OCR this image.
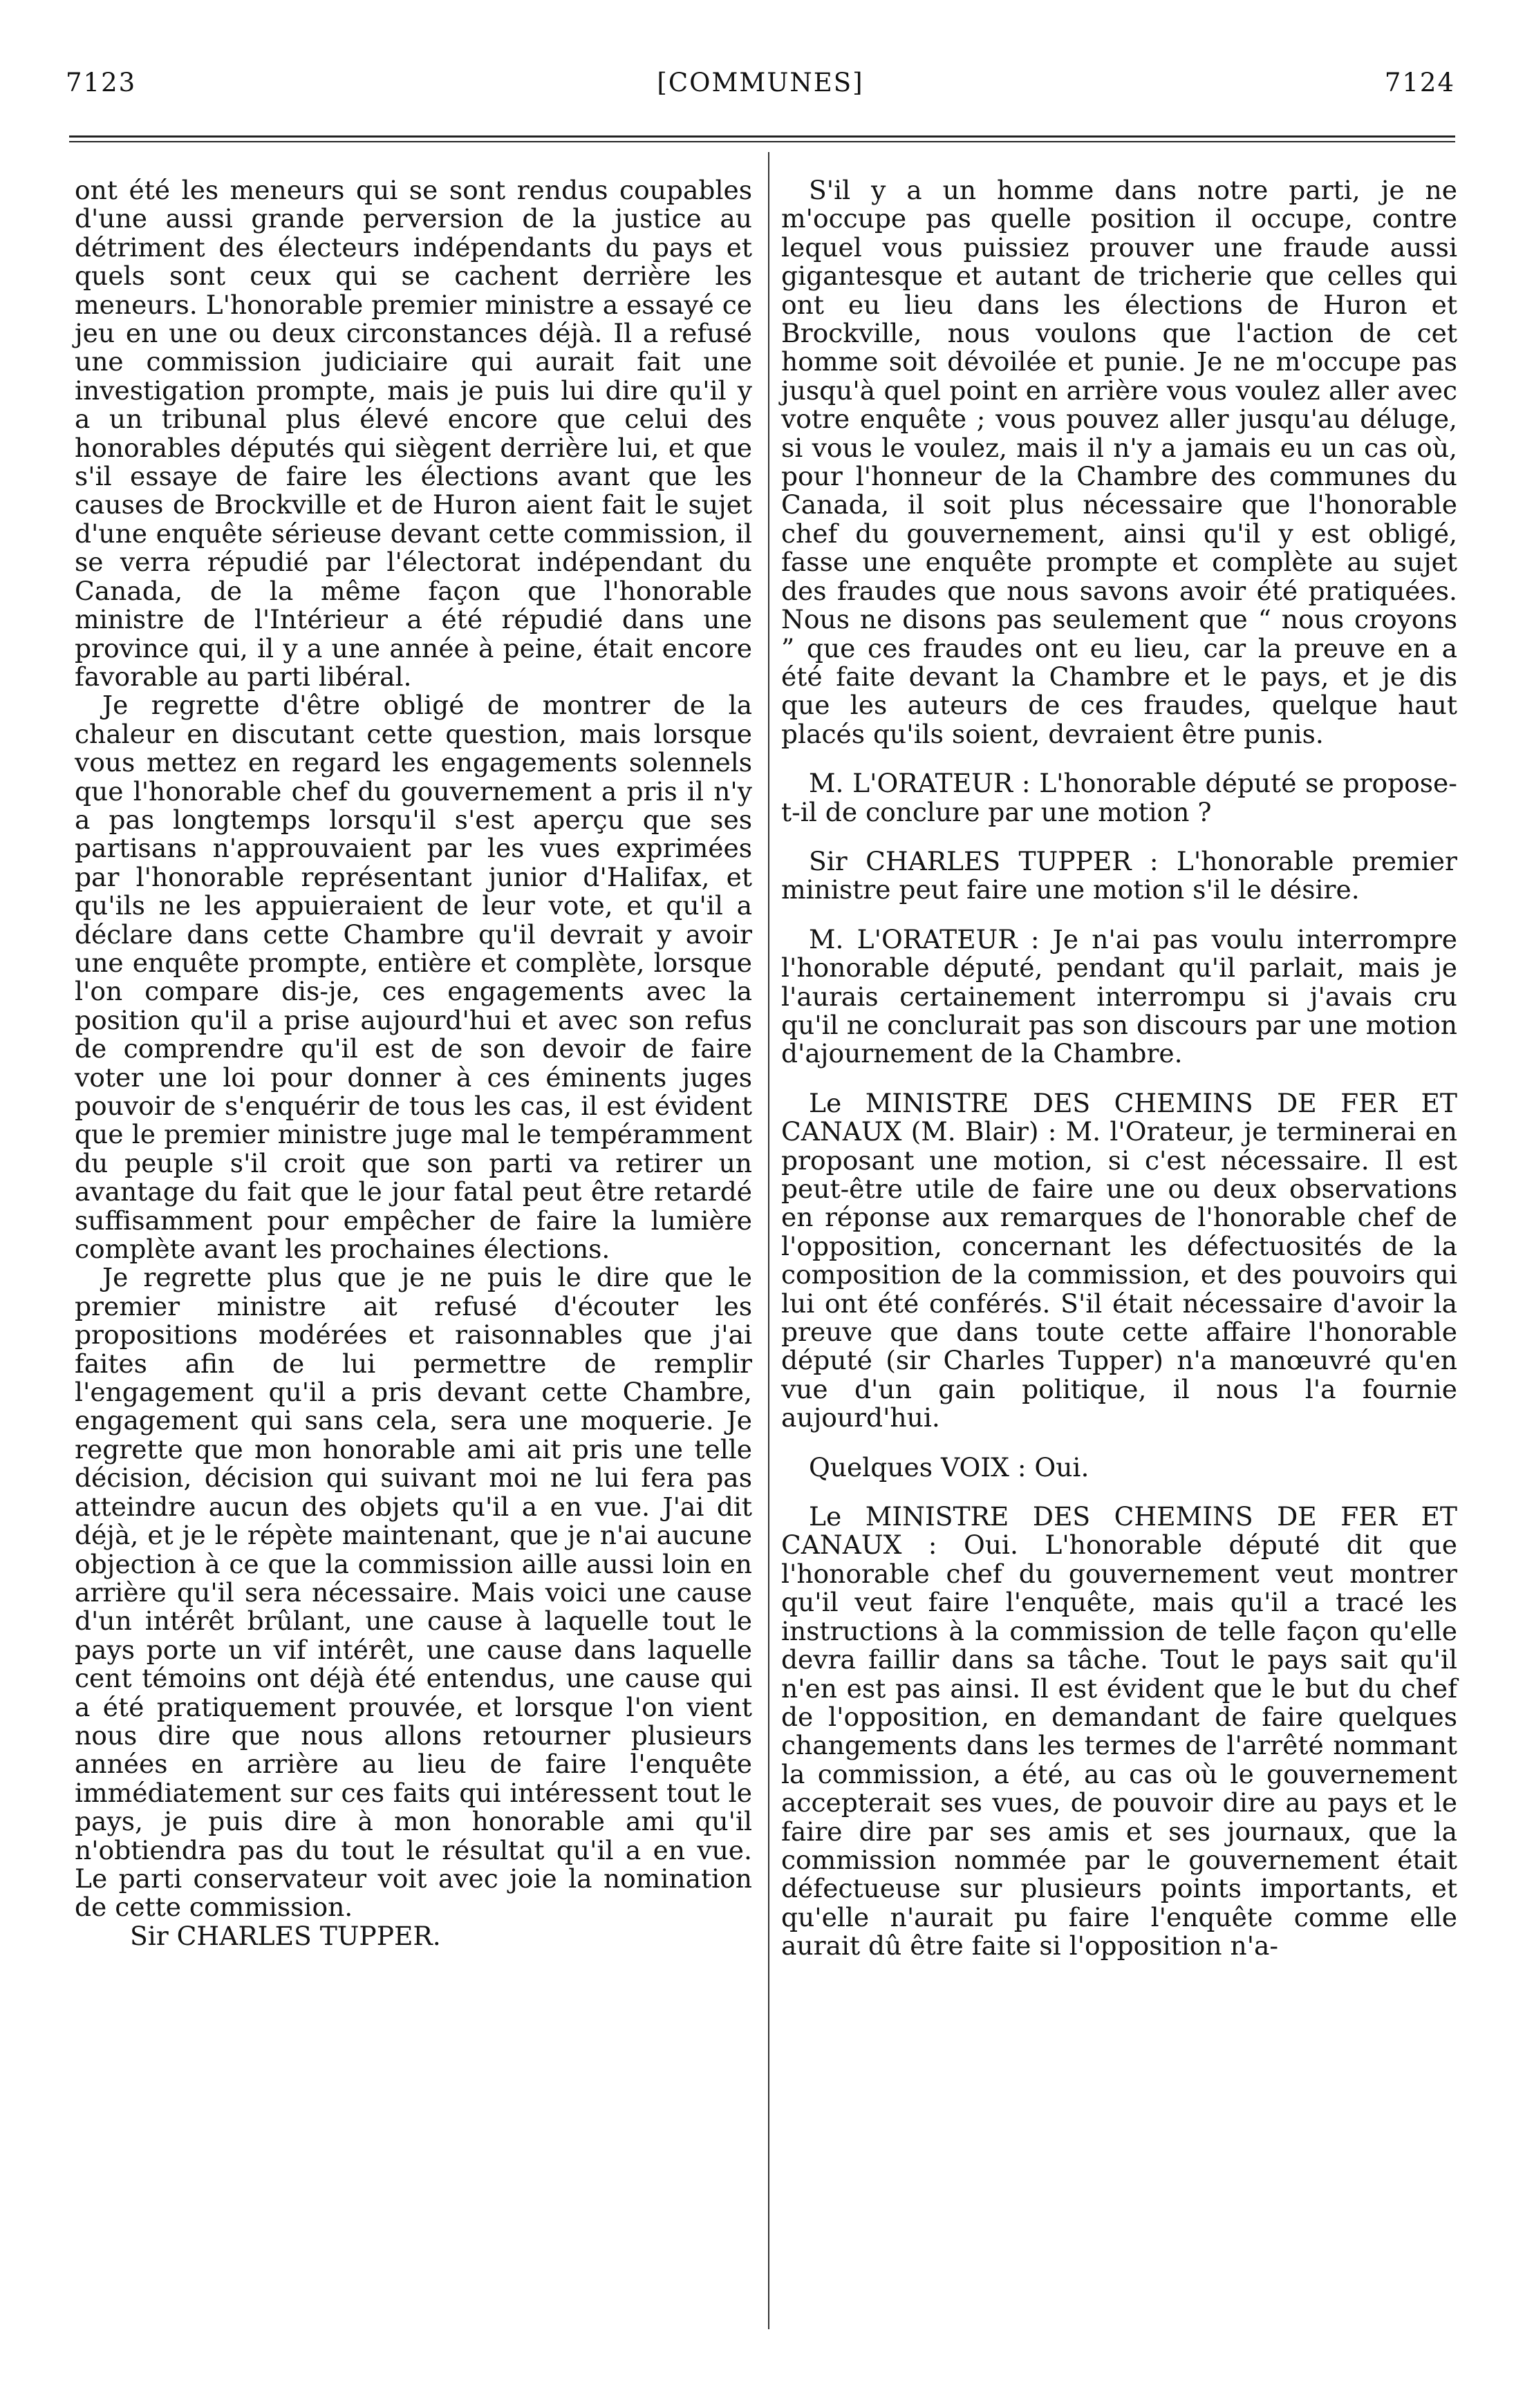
7123	[COMMUNES]	7124

ont été les meneurs qui se sont rendus coupables d'une aussi grande perversion de la justice au détriment des électeurs indépendants du pays et quels sont ceux qui se cachent derrière les meneurs. L'honorable premier ministre a essayé ce jeu en une ou deux circonstances déjà. Il a refusé une commission judiciaire qui aurait fait une investigation prompte, mais je puis lui dire qu'il y a un tribunal plus élevé encore que celui des honorables députés qui siègent derrière lui, et que s'il essaye de faire les élections avant que les causes de Brockville et de Huron aient fait le sujet d'une enquête sérieuse devant cette commission, il se verra répudié par l'électorat indépendant du Canada, de la même façon que l'honorable ministre de l'Intérieur a été répudié dans une province qui, il y a une année à peine, était encore favorable au parti libéral.

Je regrette d'être obligé de montrer de la chaleur en discutant cette question, mais lorsque vous mettez en regard les engagements solennels que l'honorable chef du gouvernement a pris il n'y a pas longtemps lorsqu'il s'est aperçu que ses partisans n'approuvaient par les vues exprimées par l'honorable représentant junior d'Halifax, et qu'ils ne les appuieraient de leur vote, et qu'il a déclare dans cette Chambre qu'il devrait y avoir une enquête prompte, entière et complète, lorsque l'on compare dis-je, ces engagements avec la position qu'il a prise aujourd'hui et avec son refus de comprendre qu'il est de son devoir de faire voter une loi pour donner à ces éminents juges pouvoir de s'enquérir de tous les cas, il est évident que le premier ministre juge mal le tempéramment du peuple s'il croit que son parti va retirer un avantage du fait que le jour fatal peut être retardé suffisamment pour empêcher de faire la lumière complète avant les prochaines élections.

Je regrette plus que je ne puis le dire que le premier ministre ait refusé d'écouter les propositions modérées et raisonnables que j'ai faites afin de lui permettre de remplir l'engagement qu'il a pris devant cette Chambre, engagement qui sans cela, sera une moquerie. Je regrette que mon honorable ami ait pris une telle décision, décision qui suivant moi ne lui fera pas atteindre aucun des objets qu'il a en vue. J'ai dit déjà, et je le répète maintenant, que je n'ai aucune objection à ce que la commission aille aussi loin en arrière qu'il sera nécessaire. Mais voici une cause d'un intérêt brûlant, une cause à laquelle tout le pays porte un vif intérêt, une cause dans laquelle cent témoins ont déjà été entendus, une cause qui a été pratiquement prouvée, et lorsque l'on vient nous dire que nous allons retourner plusieurs années en arrière au lieu de faire l'enquête immédiatement sur ces faits qui intéressent tout le pays, je puis dire à mon honorable ami qu'il n'obtiendra pas du tout le résultat qu'il a en vue. Le parti conservateur voit avec joie la nomination de cette commission.

Sir CHARLES TUPPER.

S'il y a un homme dans notre parti, je ne m'occupe pas quelle position il occupe, contre lequel vous puissiez prouver une fraude aussi gigantesque et autant de tricherie que celles qui ont eu lieu dans les élections de Huron et Brockville, nous voulons que l'action de cet homme soit dévoilée et punie. Je ne m'occupe pas jusqu'à quel point en arrière vous voulez aller avec votre enquête ; vous pouvez aller jusqu'au déluge, si vous le voulez, mais il n'y a jamais eu un cas où, pour l'honneur de la Chambre des communes du Canada, il soit plus nécessaire que l'honorable chef du gouvernement, ainsi qu'il y est obligé, fasse une enquête prompte et complète au sujet des fraudes que nous savons avoir été pratiquées. Nous ne disons pas seulement que “ nous croyons ” que ces fraudes ont eu lieu, car la preuve en a été faite devant la Chambre et le pays, et je dis que les auteurs de ces fraudes, quelque haut placés qu'ils soient, devraient être punis.

M. L'ORATEUR : L'honorable député se propose-t-il de conclure par une motion ?

Sir CHARLES TUPPER : L'honorable premier ministre peut faire une motion s'il le désire.

M. L'ORATEUR : Je n'ai pas voulu interrompre l'honorable député, pendant qu'il parlait, mais je l'aurais certainement interrompu si j'avais cru qu'il ne conclurait pas son discours par une motion d'ajournement de la Chambre.

Le MINISTRE DES CHEMINS DE FER ET CANAUX (M. Blair) : M. l'Orateur, je terminerai en proposant une motion, si c'est nécessaire. Il est peut-être utile de faire une ou deux observations en réponse aux remarques de l'honorable chef de l'opposition, concernant les défectuosités de la composition de la commission, et des pouvoirs qui lui ont été conférés. S'il était nécessaire d'avoir la preuve que dans toute cette affaire l'honorable député (sir Charles Tupper) n'a manœuvré qu'en vue d'un gain politique, il nous l'a fournie aujourd'hui.

Quelques VOIX : Oui.

Le MINISTRE DES CHEMINS DE FER ET CANAUX : Oui. L'honorable député dit que l'honorable chef du gouvernement veut montrer qu'il veut faire l'enquête, mais qu'il a tracé les instructions à la commission de telle façon qu'elle devra faillir dans sa tâche. Tout le pays sait qu'il n'en est pas ainsi. Il est évident que le but du chef de l'opposition, en demandant de faire quelques changements dans les termes de l'arrêté nommant la commission, a été, au cas où le gouvernement accepterait ses vues, de pouvoir dire au pays et le faire dire par ses amis et ses journaux, que la commission nommée par le gouvernement était défectueuse sur plusieurs points importants, et qu'elle n'aurait pu faire l'enquête comme elle aurait dû être faite si l'opposition n'a-
